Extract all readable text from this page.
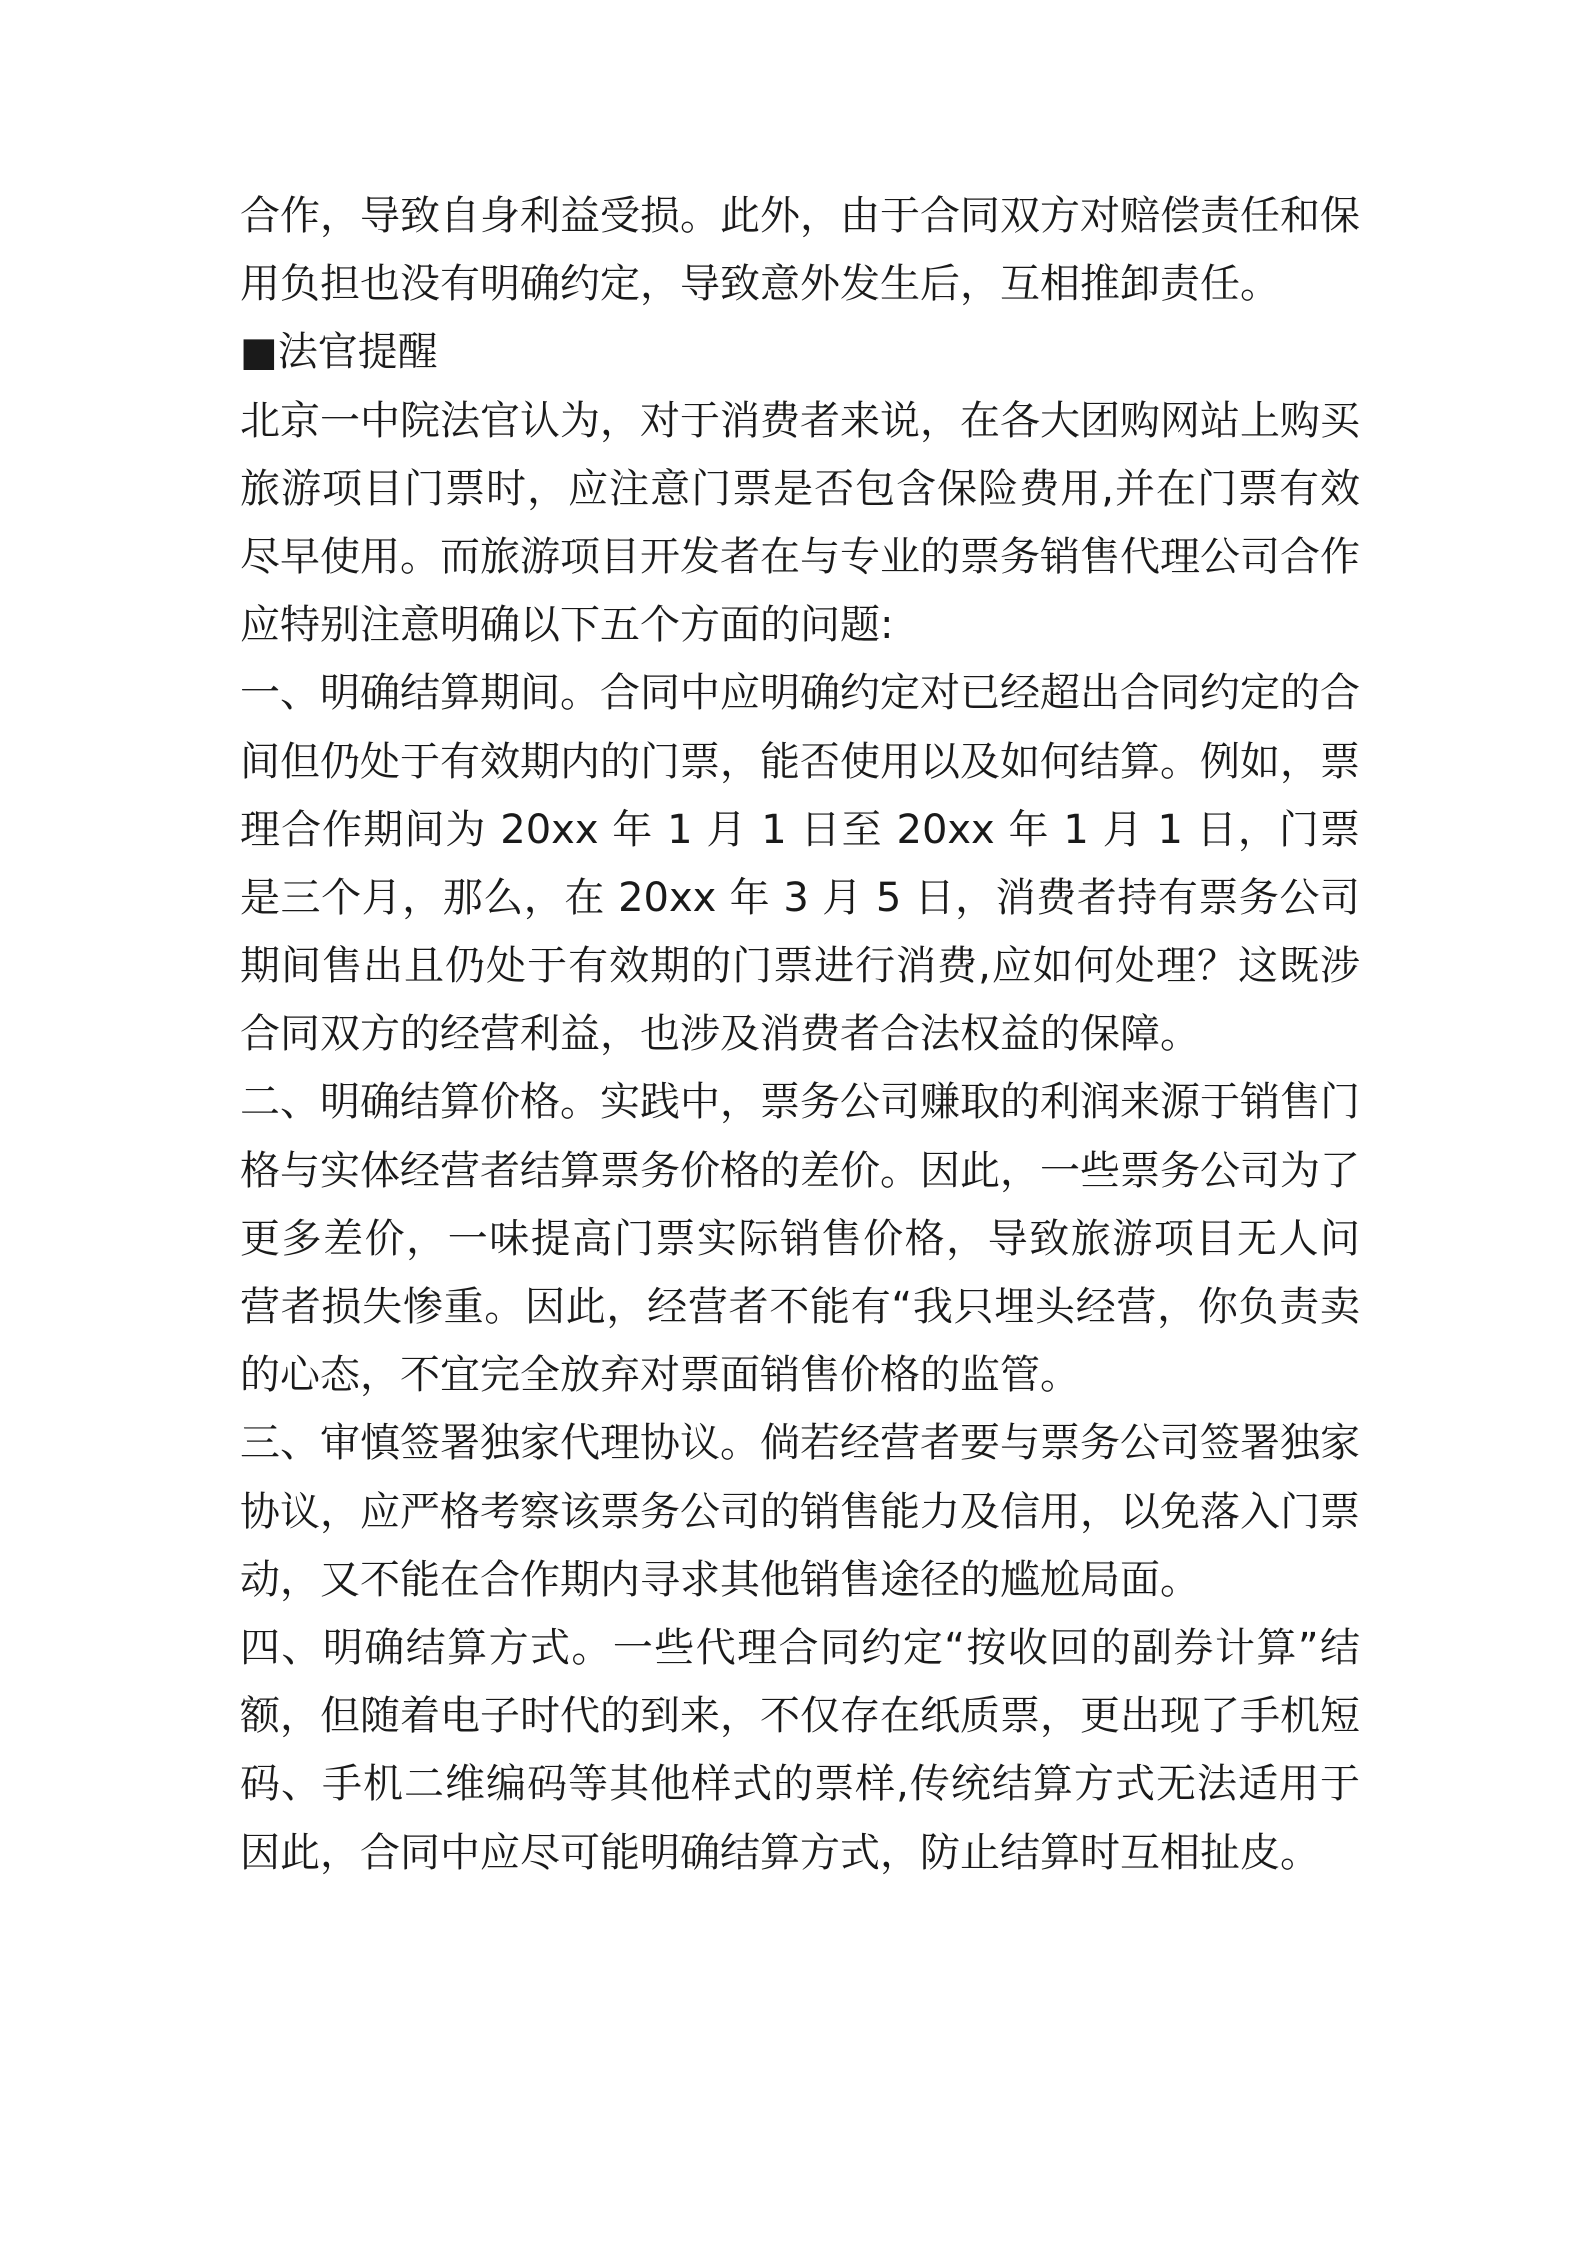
合作，导致自身利益受损。此外，由于合同双方对赔偿责任和保
用负担也没有明确约定，导致意外发生后，互相推卸责任。
■法官提醒
北京一中院法官认为，对于消费者来说，在各大团购网站上购买
旅游项目门票时，应注意门票是否包含保险费用,并在门票有效
尽早使用。而旅游项目开发者在与专业的票务销售代理公司合作
应特别注意明确以下五个方面的问题:
一、明确结算期间。合同中应明确约定对已经超出合同约定的合
间但仍处于有效期内的门票，能否使用以及如何结算。例如，票
理合作期间为 20xx 年 1 月 1 日至 20xx 年 1 月 1 日，门票
是三个月，那么，在 20xx 年 3 月 5 日，消费者持有票务公司
期间售出且仍处于有效期的门票进行消费,应如何处理？这既涉
合同双方的经营利益，也涉及消费者合法权益的保障。
二、明确结算价格。实践中，票务公司赚取的利润来源于销售门
格与实体经营者结算票务价格的差价。因此，一些票务公司为了
更多差价，一味提高门票实际销售价格，导致旅游项目无人问
营者损失惨重。因此，经营者不能有“我只埋头经营，你负责卖
的心态，不宜完全放弃对票面销售价格的监管。
三、审慎签署独家代理协议。倘若经营者要与票务公司签署独家
协议，应严格考察该票务公司的销售能力及信用，以免落入门票
动，又不能在合作期内寻求其他销售途径的尴尬局面。
四、明确结算方式。一些代理合同约定“按收回的副券计算”结
额，但随着电子时代的到来，不仅存在纸质票，更出现了手机短
码、手机二维编码等其他样式的票样,传统结算方式无法适用于
因此，合同中应尽可能明确结算方式，防止结算时互相扯皮。
